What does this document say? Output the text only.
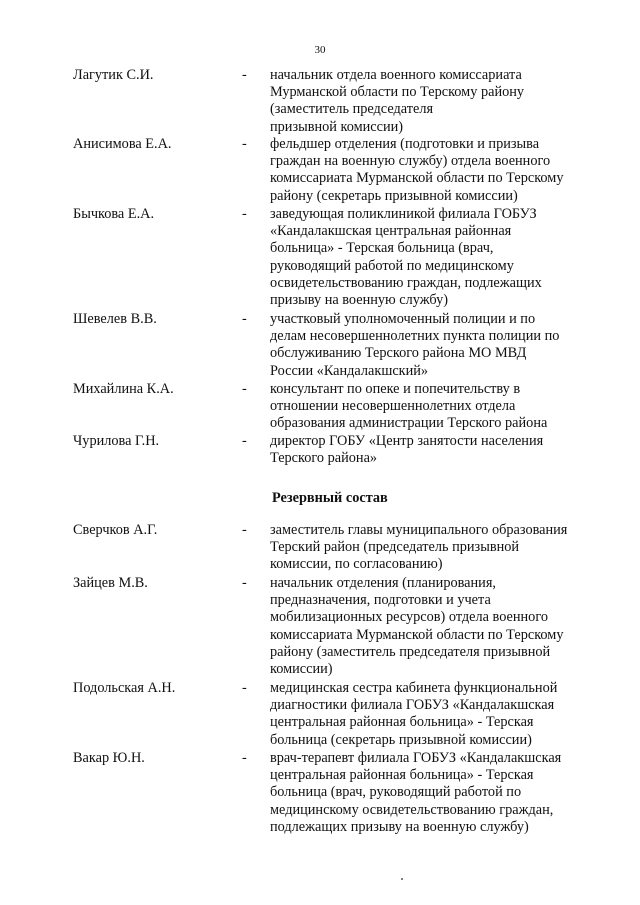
30
Лагутик С.И.	- начальник отдела военного комиссариата
Мурманской области по Терскому району
(заместитель председателя
призывной комиссии)
Анисимова Е.А.	- фельдшер отделения (подготовки и призыва
граждан на военную службу) отдела военного
комиссариата Мурманской области по Терскому
району (секретарь призывной комиссии)
Бычкова Е.А.	- заведующая поликлиникой филиала ГОБУЗ
«Кандалакшская центральная районная
больница» - Терская больница (врач,
руководящий работой по медицинскому
освидетельствованию граждан, подлежащих
призыву на военную службу)
Шевелев В.В.	- участковый уполномоченный полиции и по
делам несовершеннолетних пункта полиции по
обслуживанию Терского района МО МВД
России «Кандалакшский»
Михайлина К.А.	- консультант по опеке и попечительству в
отношении несовершеннолетних отдела
образования администрации Терского района
Чурилова Г.Н.	- директор ГОБУ «Центр занятости населения
Терского района»
Резервный состав
Сверчков А.Г.	- заместитель главы муниципального образования
Терский район (председатель призывной
комиссии, по согласованию)
Зайцев М.В.	- начальник отделения (планирования,
предназначения, подготовки и учета
мобилизационных ресурсов) отдела военного
комиссариата Мурманской области по Терскому
району (заместитель председателя призывной
комиссии)
Подольская А.Н.	- медицинская сестра кабинета функциональной
диагностики филиала ГОБУЗ «Кандалакшская
центральная районная больница» - Терская
больница (секретарь призывной комиссии)
Вакар Ю.Н.	- врач-терапевт филиала ГОБУЗ «Кандалакшская
центральная районная больница» - Терская
больница (врач, руководящий работой по
медицинскому освидетельствованию граждан,
подлежащих призыву на военную службу)
